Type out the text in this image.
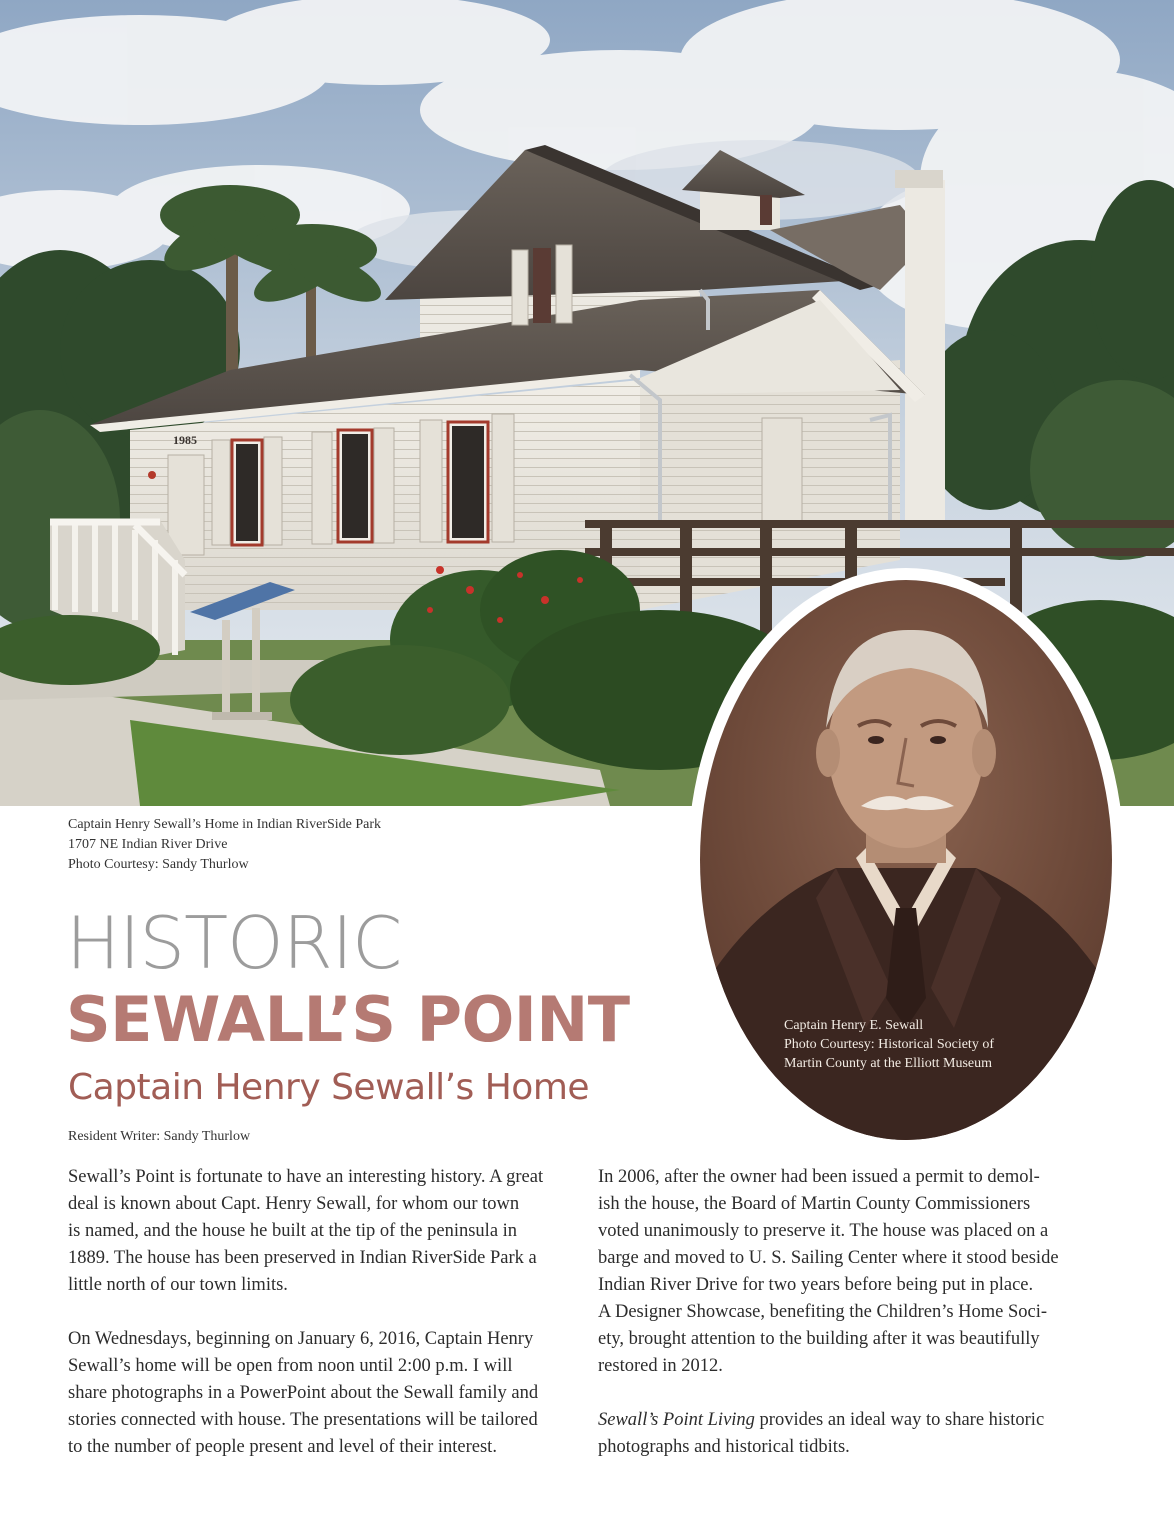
1985
Captain Henry E. Sewall
Photo Courtesy: Historical Society of
Martin County at the Elliott Museum
Captain Henry Sewall’s Home in Indian RiverSide Park
1707 NE Indian River Drive
Photo Courtesy: Sandy Thurlow
HISTORIC
SEWALL’S POINT
Captain Henry Sewall’s Home
Resident Writer: Sandy Thurlow
Sewall’s Point is fortunate to have an interesting history. A great
deal is known about Capt. Henry Sewall, for whom our town
is named, and the house he built at the tip of the peninsula in
1889. The house has been preserved in Indian RiverSide Park a
little north of our town limits.
On Wednesdays, beginning on January 6, 2016, Captain Henry
Sewall’s home will be open from noon until 2:00 p.m. I will
share photographs in a PowerPoint about the Sewall family and
stories connected with house. The presentations will be tailored
to the number of people present and level of their interest.
In 2006, after the owner had been issued a permit to demol-
ish the house, the Board of Martin County Commissioners
voted unanimously to preserve it. The house was placed on a
barge and moved to U. S. Sailing Center where it stood beside
Indian River Drive for two years before being put in place.
A Designer Showcase, benefiting the Children’s Home Soci-
ety, brought attention to the building after it was beautifully
restored in 2012.
Sewall’s Point Living provides an ideal way to share historic
photographs and historical tidbits.
